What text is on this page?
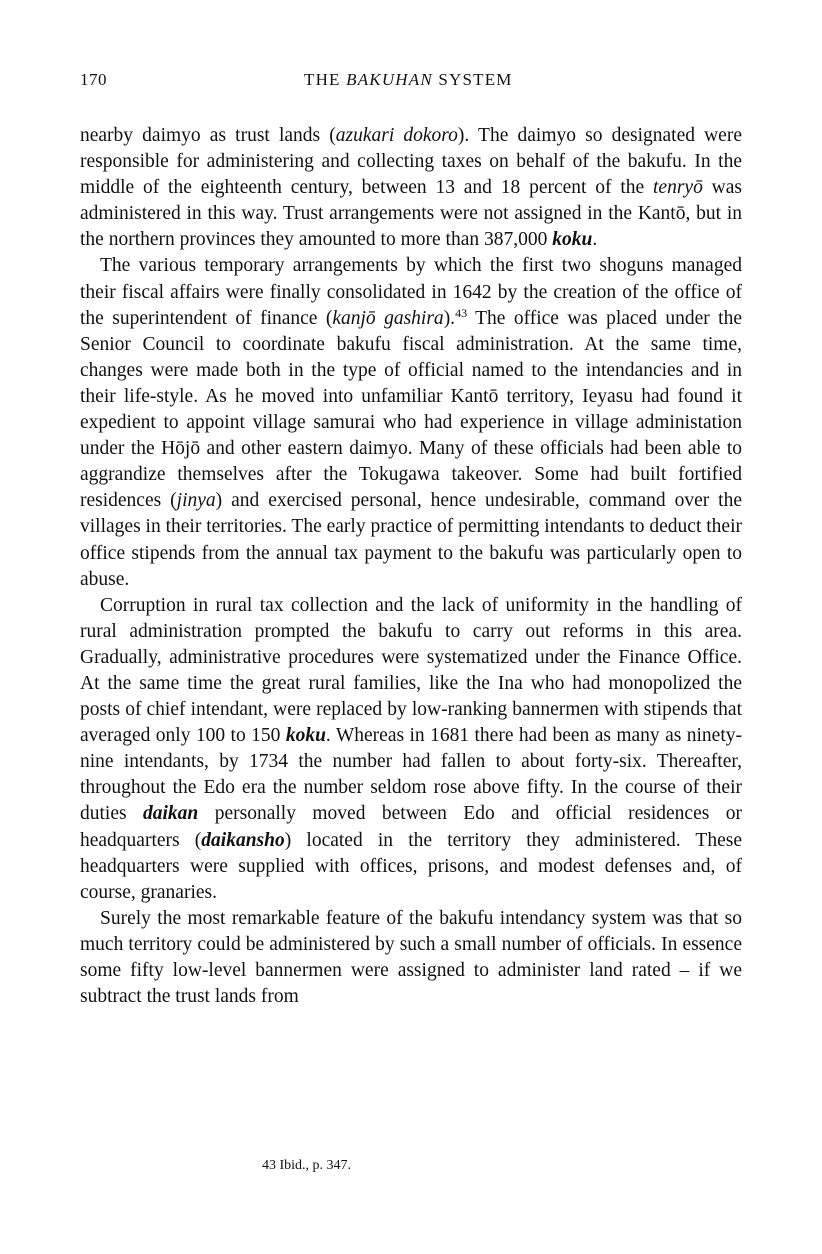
170	THE BAKUHAN SYSTEM

nearby daimyo as trust lands (azukari dokoro). The daimyo so designated were responsible for administering and collecting taxes on behalf of the bakufu. In the middle of the eighteenth century, between 13 and 18 percent of the tenryō was administered in this way. Trust arrangements were not assigned in the Kantō, but in the northern provinces they amounted to more than 387,000 koku.

The various temporary arrangements by which the first two shoguns managed their fiscal affairs were finally consolidated in 1642 by the creation of the office of the superintendent of finance (kanjō gashira).$^{43}$ The office was placed under the Senior Council to coordinate bakufu fiscal administration. At the same time, changes were made both in the type of official named to the intendancies and in their life-style. As he moved into unfamiliar Kantō territory, Ieyasu had found it expedient to appoint village samurai who had experience in village administation under the Hōjō and other eastern daimyo. Many of these officials had been able to aggrandize themselves after the Tokugawa takeover. Some had built fortified residences (jinya) and exercised personal, hence undesirable, command over the villages in their territories. The early practice of permitting intendants to deduct their office stipends from the annual tax payment to the bakufu was particularly open to abuse.

Corruption in rural tax collection and the lack of uniformity in the handling of rural administration prompted the bakufu to carry out reforms in this area. Gradually, administrative procedures were systematized under the Finance Office. At the same time the great rural families, like the Ina who had monopolized the posts of chief intendant, were replaced by low-ranking bannermen with stipends that averaged only 100 to 150 koku. Whereas in 1681 there had been as many as ninety-nine intendants, by 1734 the number had fallen to about forty-six. Thereafter, throughout the Edo era the number seldom rose above fifty. In the course of their duties daikan personally moved between Edo and official residences or headquarters (daikansho) located in the territory they administered. These headquarters were supplied with offices, prisons, and modest defenses and, of course, granaries.

Surely the most remarkable feature of the bakufu intendancy system was that so much territory could be administered by such a small number of officials. In essence some fifty low-level bannermen were assigned to administer land rated – if we subtract the trust lands from

43 Ibid., p. 347.
